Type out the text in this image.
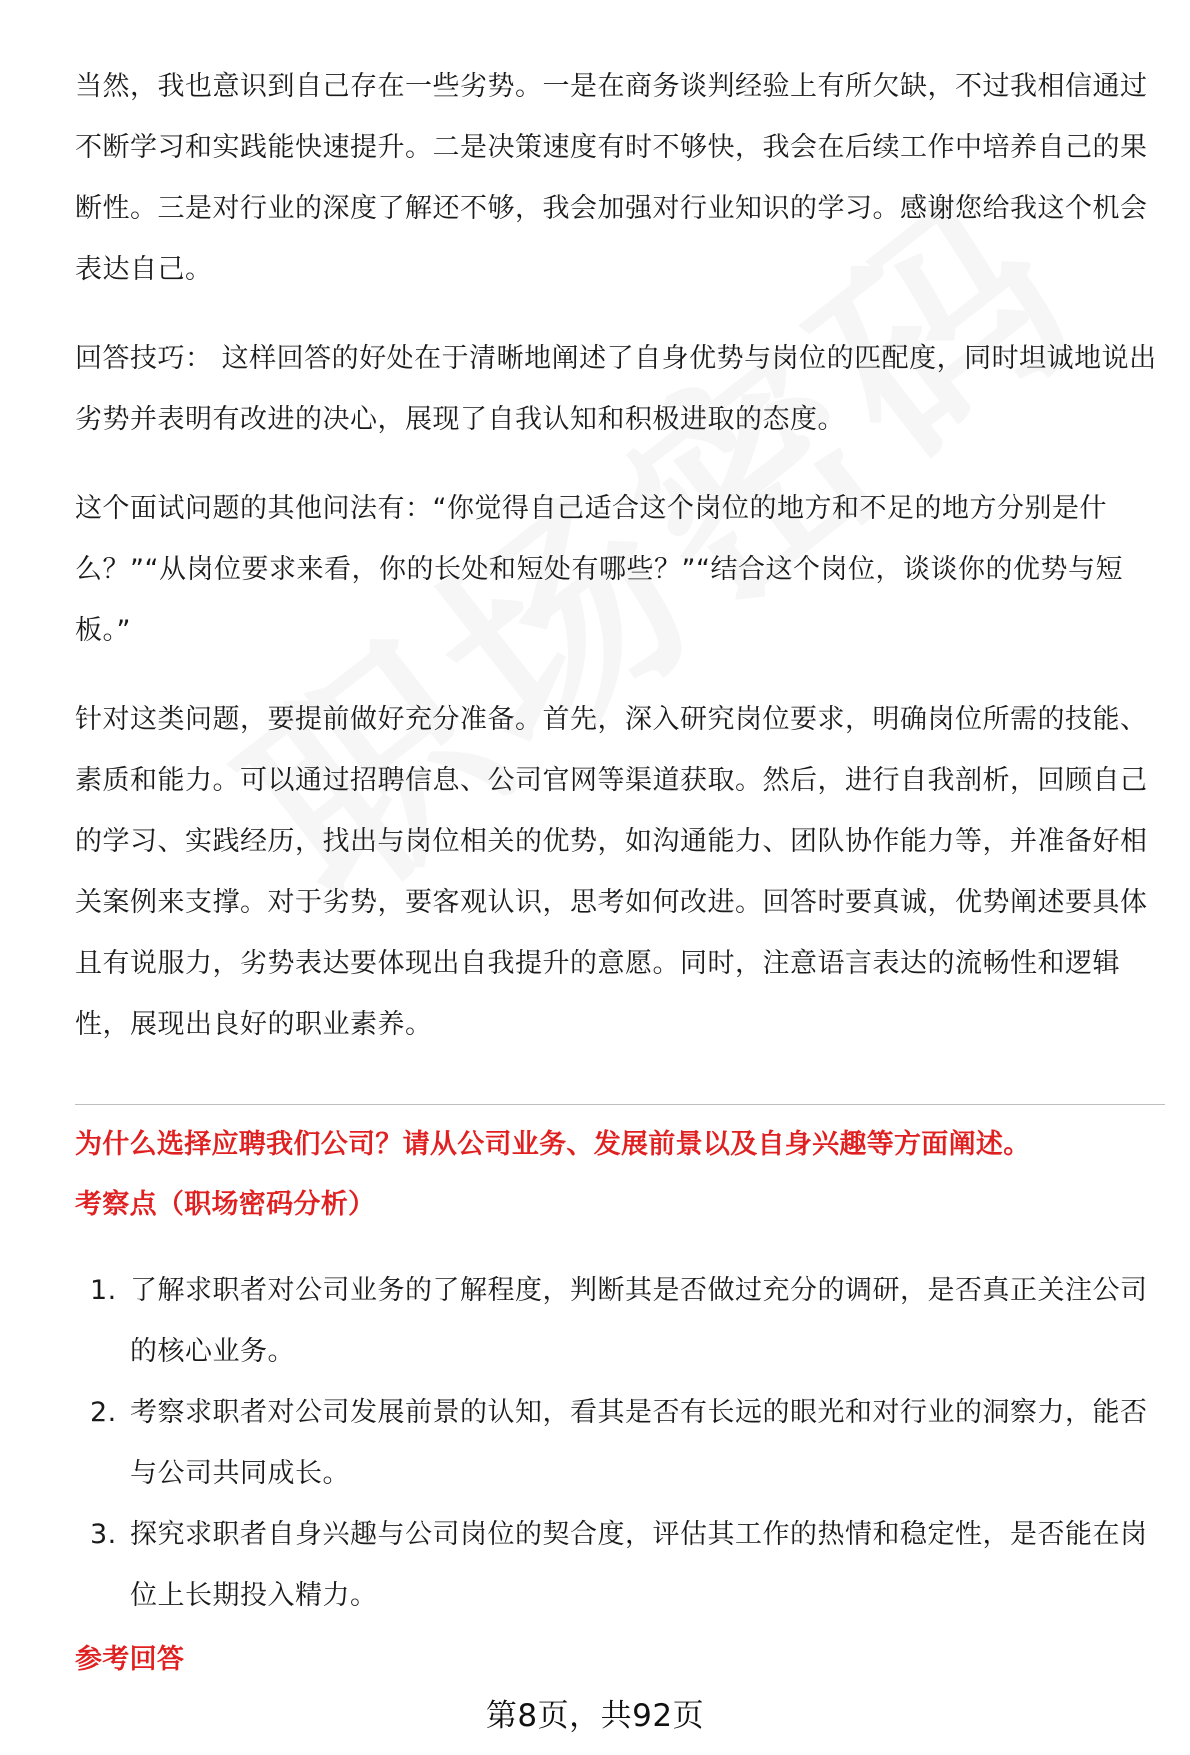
当然，我也意识到自己存在一些劣势。一是在商务谈判经验上有所欠缺，不过我相信通过不断学习和实践能快速提升。二是决策速度有时不够快，我会在后续工作中培养自己的果断性。三是对行业的深度了解还不够，我会加强对行业知识的学习。感谢您给我这个机会表达自己。

回答技巧： 这样回答的好处在于清晰地阐述了自身优势与岗位的匹配度，同时坦诚地说出劣势并表明有改进的决心，展现了自我认知和积极进取的态度。

这个面试问题的其他问法有：“你觉得自己适合这个岗位的地方和不足的地方分别是什么？”“从岗位要求来看，你的长处和短处有哪些？”“结合这个岗位，谈谈你的优势与短板。”

针对这类问题，要提前做好充分准备。首先，深入研究岗位要求，明确岗位所需的技能、素质和能力。可以通过招聘信息、公司官网等渠道获取。然后，进行自我剖析，回顾自己的学习、实践经历，找出与岗位相关的优势，如沟通能力、团队协作能力等，并准备好相关案例来支撑。对于劣势，要客观认识，思考如何改进。回答时要真诚，优势阐述要具体且有说服力，劣势表达要体现出自我提升的意愿。同时，注意语言表达的流畅性和逻辑性，展现出良好的职业素养。

为什么选择应聘我们公司？请从公司业务、发展前景以及自身兴趣等方面阐述。
考察点（职场密码分析）
1. 了解求职者对公司业务的了解程度，判断其是否做过充分的调研，是否真正关注公司的核心业务。
2. 考察求职者对公司发展前景的认知，看其是否有长远的眼光和对行业的洞察力，能否与公司共同成长。
3. 探究求职者自身兴趣与公司岗位的契合度，评估其工作的热情和稳定性，是否能在岗位上长期投入精力。
参考回答
第8页，共92页
